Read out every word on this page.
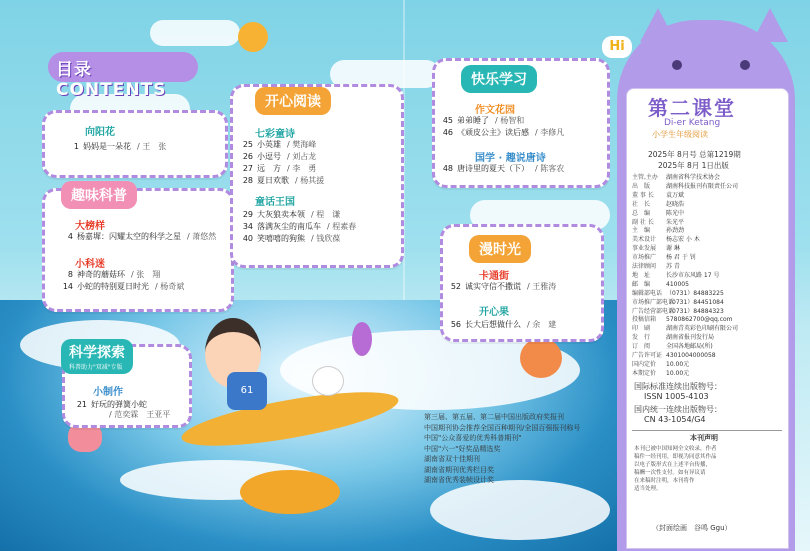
61
目录 CONTENTS
向阳花
1 妈妈是一朵花 / 王　张
趣味科普
大榜样
4 杨嘉墀：闪耀太空的科学之星 / 萧悠然
小科迷
8 神奇的蘑菇环 / 张　翔
14 小蛇的特别夏日时光 / 杨奇斌
科学探索
科普助力"双减"专版
小制作
21 好玩的弹簧小蛇
/ 范奕霖　王亚平
开心阅读
七彩童诗
25 小英雄 / 樊海峰
26 小逗号 / 刘占龙
27 远　方 / 李　勇
28 夏日欢歌 / 杨其援
童话王国
29 大灰狼卖本领 / 程　谦
34 落满灰尘的南瓜车 / 程素春
40 笑嘻嘻的狗熊 / 钱欣葆
快乐学习
作文花园
45 弟弟睡了 / 杨智和
46 《顽皮公主》读后感 / 李修凡
国学 · 趣说唐诗
48 唐诗里的夏天（下） / 陈客农
漫时光
卡通街
52 诚实守信不撒谎 / 王雅涛
开心果
56 长大后想做什么 / 余　建
第三届、第五届、第二届中国出版政府奖报刊
中国期刊协会推荐全国百种期刊/全国百强报刊称号
中国"公众喜爱的优秀科普期刊"
中国"六一"好奖品精选奖
湖南省双十佳期刊
湖南省期刊优秀栏目奖
湖南省优秀装帧设计奖
Hi
第二课堂
Di-er Ketang
小学生年级阅读
2025年 8月号 总第1219期
2025年 8月 1日出版
主管,主办 湖南省科学技术协会
出　版	湖南科技报刊有限责任公司
董 事 长 袁万斌
社　长	赵晓浩
总　编	陈光中
副 社 长 朱光平
主　编	孙劲劲
美术设计 杨志宏 小 木
事业发展 谢 琳
市场推广 杨 君 于 钊
法律顾问 苏 青
地　址	长沙市东风路 17 号
邮　编	410005
编辑部电话 （0731）84883225
市场推广部电话（0731）84451084
广告经营部电话（0731）84884323
投稿信箱 5780862700@qq.com
印　刷	湖南青英彩色印刷有限公司
发　行	湖南省报刊发行局
订　阅	全国各地邮局(所)
广告许可证 4301004000058
国内定价 10.00元
本期定价 10.00元
国际标准连续出版物号：
ISSN 1005-4103
国内统一连续出版物号：
CN 43-1054/G4
本刊声明
本刊已被中国知网全文收录，作者
稿件一经刊用，即视为同意其作品
以电子版形式在上述平台传播，
稿酬一次性支付。如有异议请
在来稿时注明，本刊将作
适当处理。
（封面绘画　谷鸣 Ggu）
